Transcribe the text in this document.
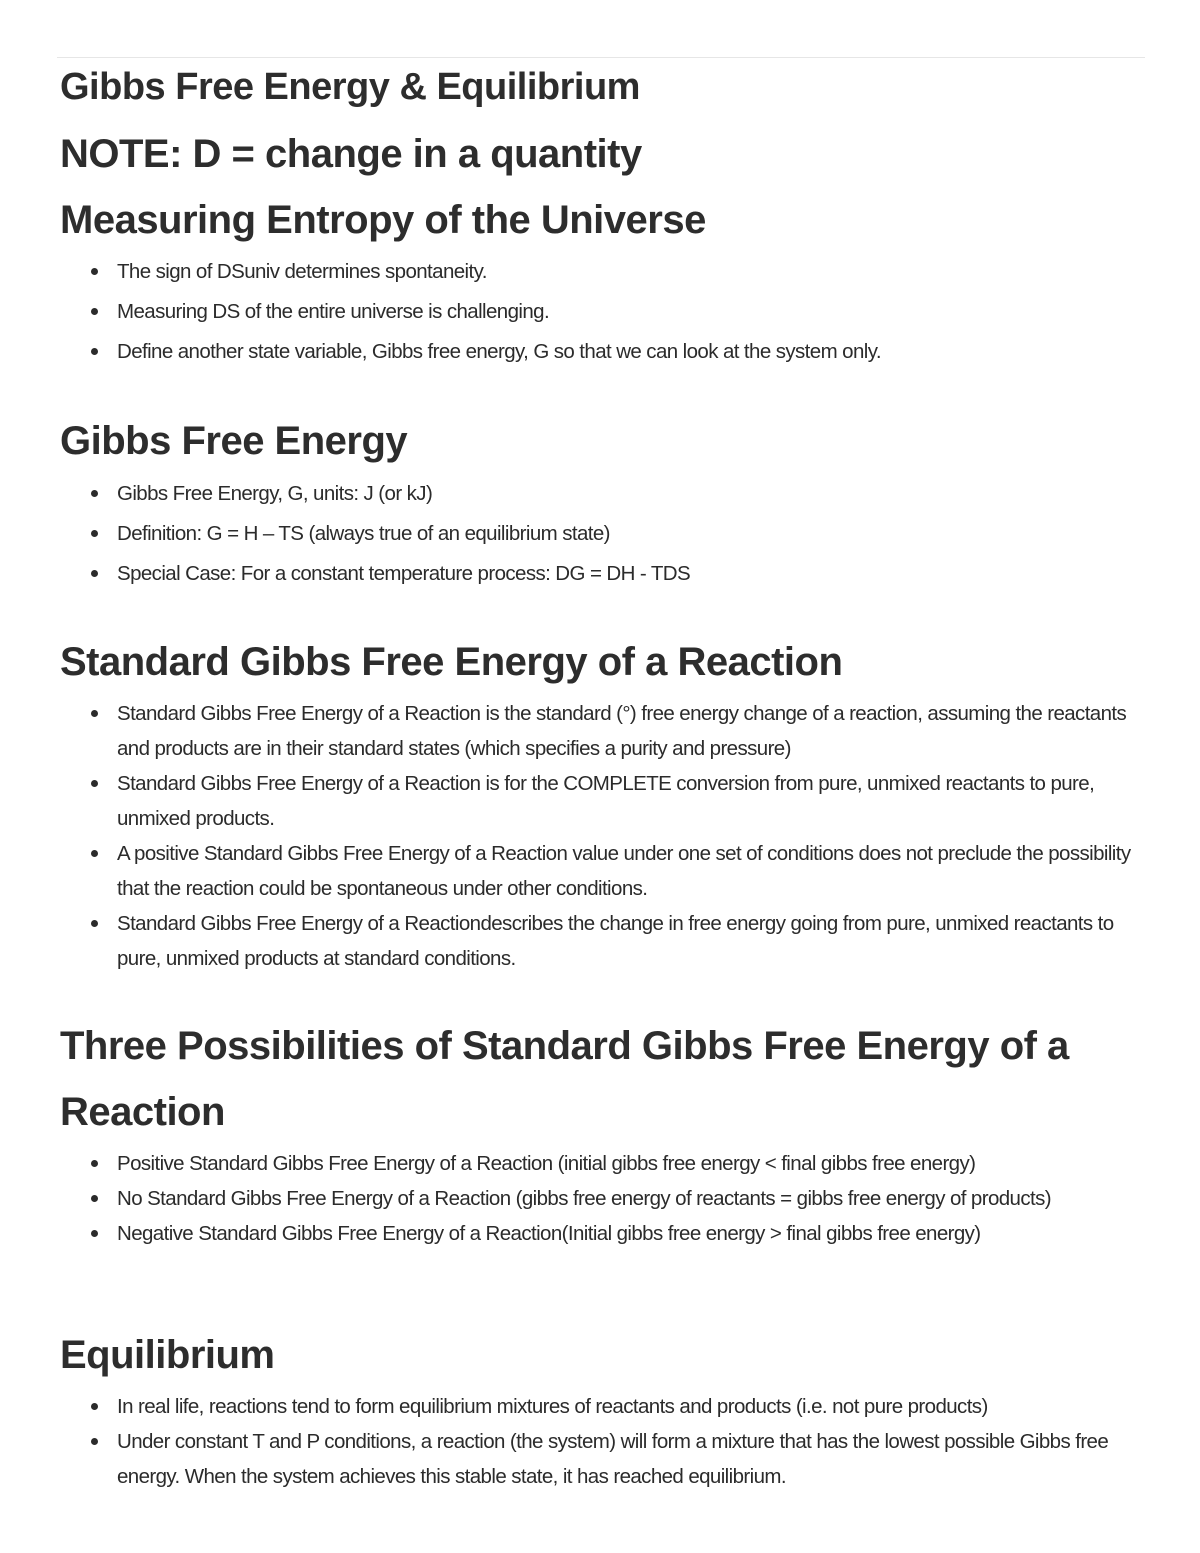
Gibbs Free Energy & Equilibrium
NOTE: D = change in a quantity
Measuring Entropy of the Universe
The sign of DSuniv determines spontaneity.
Measuring DS of the entire universe is challenging.
Define another state variable, Gibbs free energy, G so that we can look at the system only.
Gibbs Free Energy
Gibbs Free Energy, G, units: J (or kJ)
Definition: G = H – TS (always true of an equilibrium state)
Special Case: For a constant temperature process: DG = DH - TDS
Standard Gibbs Free Energy of a Reaction
Standard Gibbs Free Energy of a Reaction is the standard (°) free energy change of a reaction, assuming the reactants and products are in their standard states (which specifies a purity and pressure)
Standard Gibbs Free Energy of a Reaction is for the COMPLETE conversion from pure, unmixed reactants to pure, unmixed products.
A positive Standard Gibbs Free Energy of a Reaction value under one set of conditions does not preclude the possibility that the reaction could be spontaneous under other conditions.
Standard Gibbs Free Energy of a Reactiondescribes the change in free energy going from pure, unmixed reactants to pure, unmixed products at standard conditions.
Three Possibilities of Standard Gibbs Free Energy of a Reaction
Positive Standard Gibbs Free Energy of a Reaction (initial gibbs free energy < final gibbs free energy)
No Standard Gibbs Free Energy of a Reaction (gibbs free energy of reactants = gibbs free energy of products)
Negative Standard Gibbs Free Energy of a Reaction(Initial gibbs free energy > final gibbs free energy)
Equilibrium
In real life, reactions tend to form equilibrium mixtures of reactants and products (i.e. not pure products)
Under constant T and P conditions, a reaction (the system) will form a mixture that has the lowest possible Gibbs free energy. When the system achieves this stable state, it has reached equilibrium.
